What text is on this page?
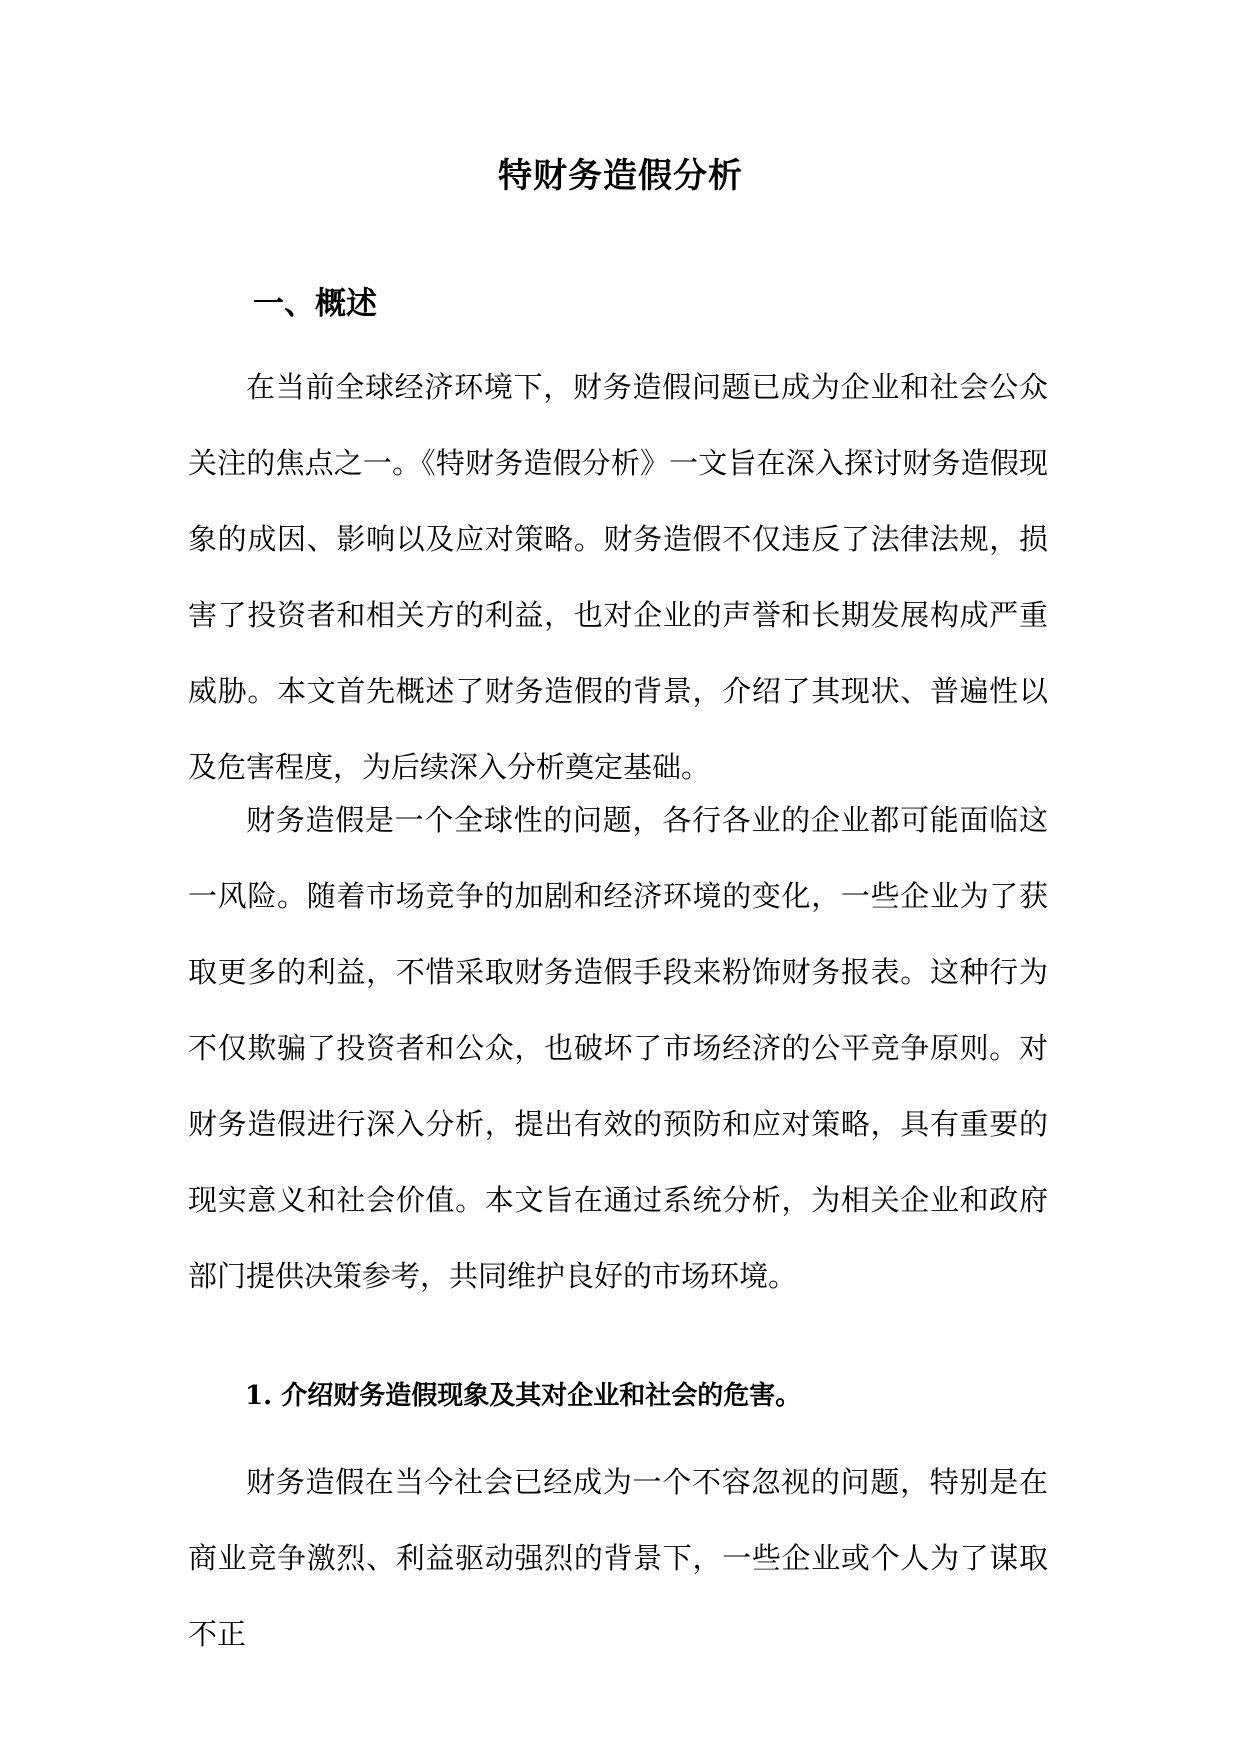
特财务造假分析
一、概述

在当前全球经济环境下，财务造假问题已成为企业和社会公众关注的焦点之一。《特财务造假分析》一文旨在深入探讨财务造假现象的成因、影响以及应对策略。财务造假不仅违反了法律法规，损害了投资者和相关方的利益，也对企业的声誉和长期发展构成严重威胁。本文首先概述了财务造假的背景，介绍了其现状、普遍性以及危害程度，为后续深入分析奠定基础。

财务造假是一个全球性的问题，各行各业的企业都可能面临这一风险。随着市场竞争的加剧和经济环境的变化，一些企业为了获取更多的利益，不惜采取财务造假手段来粉饰财务报表。这种行为不仅欺骗了投资者和公众，也破坏了市场经济的公平竞争原则。对财务造假进行深入分析，提出有效的预防和应对策略，具有重要的现实意义和社会价值。本文旨在通过系统分析，为相关企业和政府部门提供决策参考，共同维护良好的市场环境。

1. 介绍财务造假现象及其对企业和社会的危害。

财务造假在当今社会已经成为一个不容忽视的问题，特别是在商业竞争激烈、利益驱动强烈的背景下，一些企业或个人为了谋取不正
